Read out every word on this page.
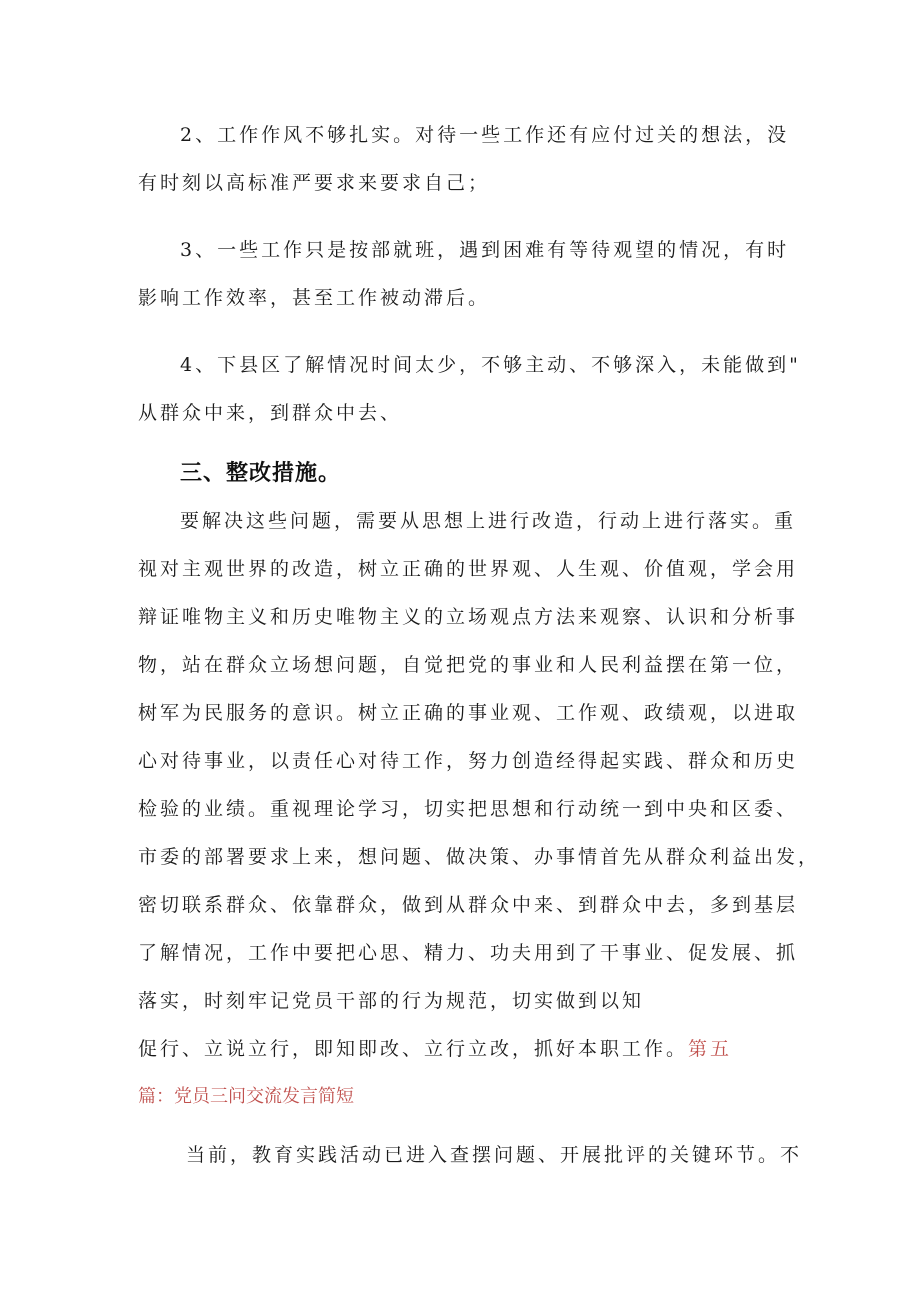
2、工作作风不够扎实。对待一些工作还有应付过关的想法，没
有时刻以高标准严要求来要求自己；
3、一些工作只是按部就班，遇到困难有等待观望的情况，有时
影响工作效率，甚至工作被动滞后。
4、下县区了解情况时间太少，不够主动、不够深入，未能做到"
从群众中来，到群众中去、
三、整改措施。
要解决这些问题，需要从思想上进行改造，行动上进行落实。重
视对主观世界的改造，树立正确的世界观、人生观、价值观，学会用
辩证唯物主义和历史唯物主义的立场观点方法来观察、认识和分析事
物，站在群众立场想问题，自觉把党的事业和人民利益摆在第一位，
树军为民服务的意识。树立正确的事业观、工作观、政绩观，以进取
心对待事业，以责任心对待工作，努力创造经得起实践、群众和历史
检验的业绩。重视理论学习，切实把思想和行动统一到中央和区委、
市委的部署要求上来，想问题、做决策、办事情首先从群众利益出发，
密切联系群众、依靠群众，做到从群众中来、到群众中去，多到基层
了解情况，工作中要把心思、精力、功夫用到了干事业、促发展、抓
落实，时刻牢记党员干部的行为规范，切实做到以知
促行、立说立行，即知即改、立行立改，抓好本职工作。第五
篇：党员三问交流发言简短
当前，教育实践活动已进入查摆问题、开展批评的关键环节。不
